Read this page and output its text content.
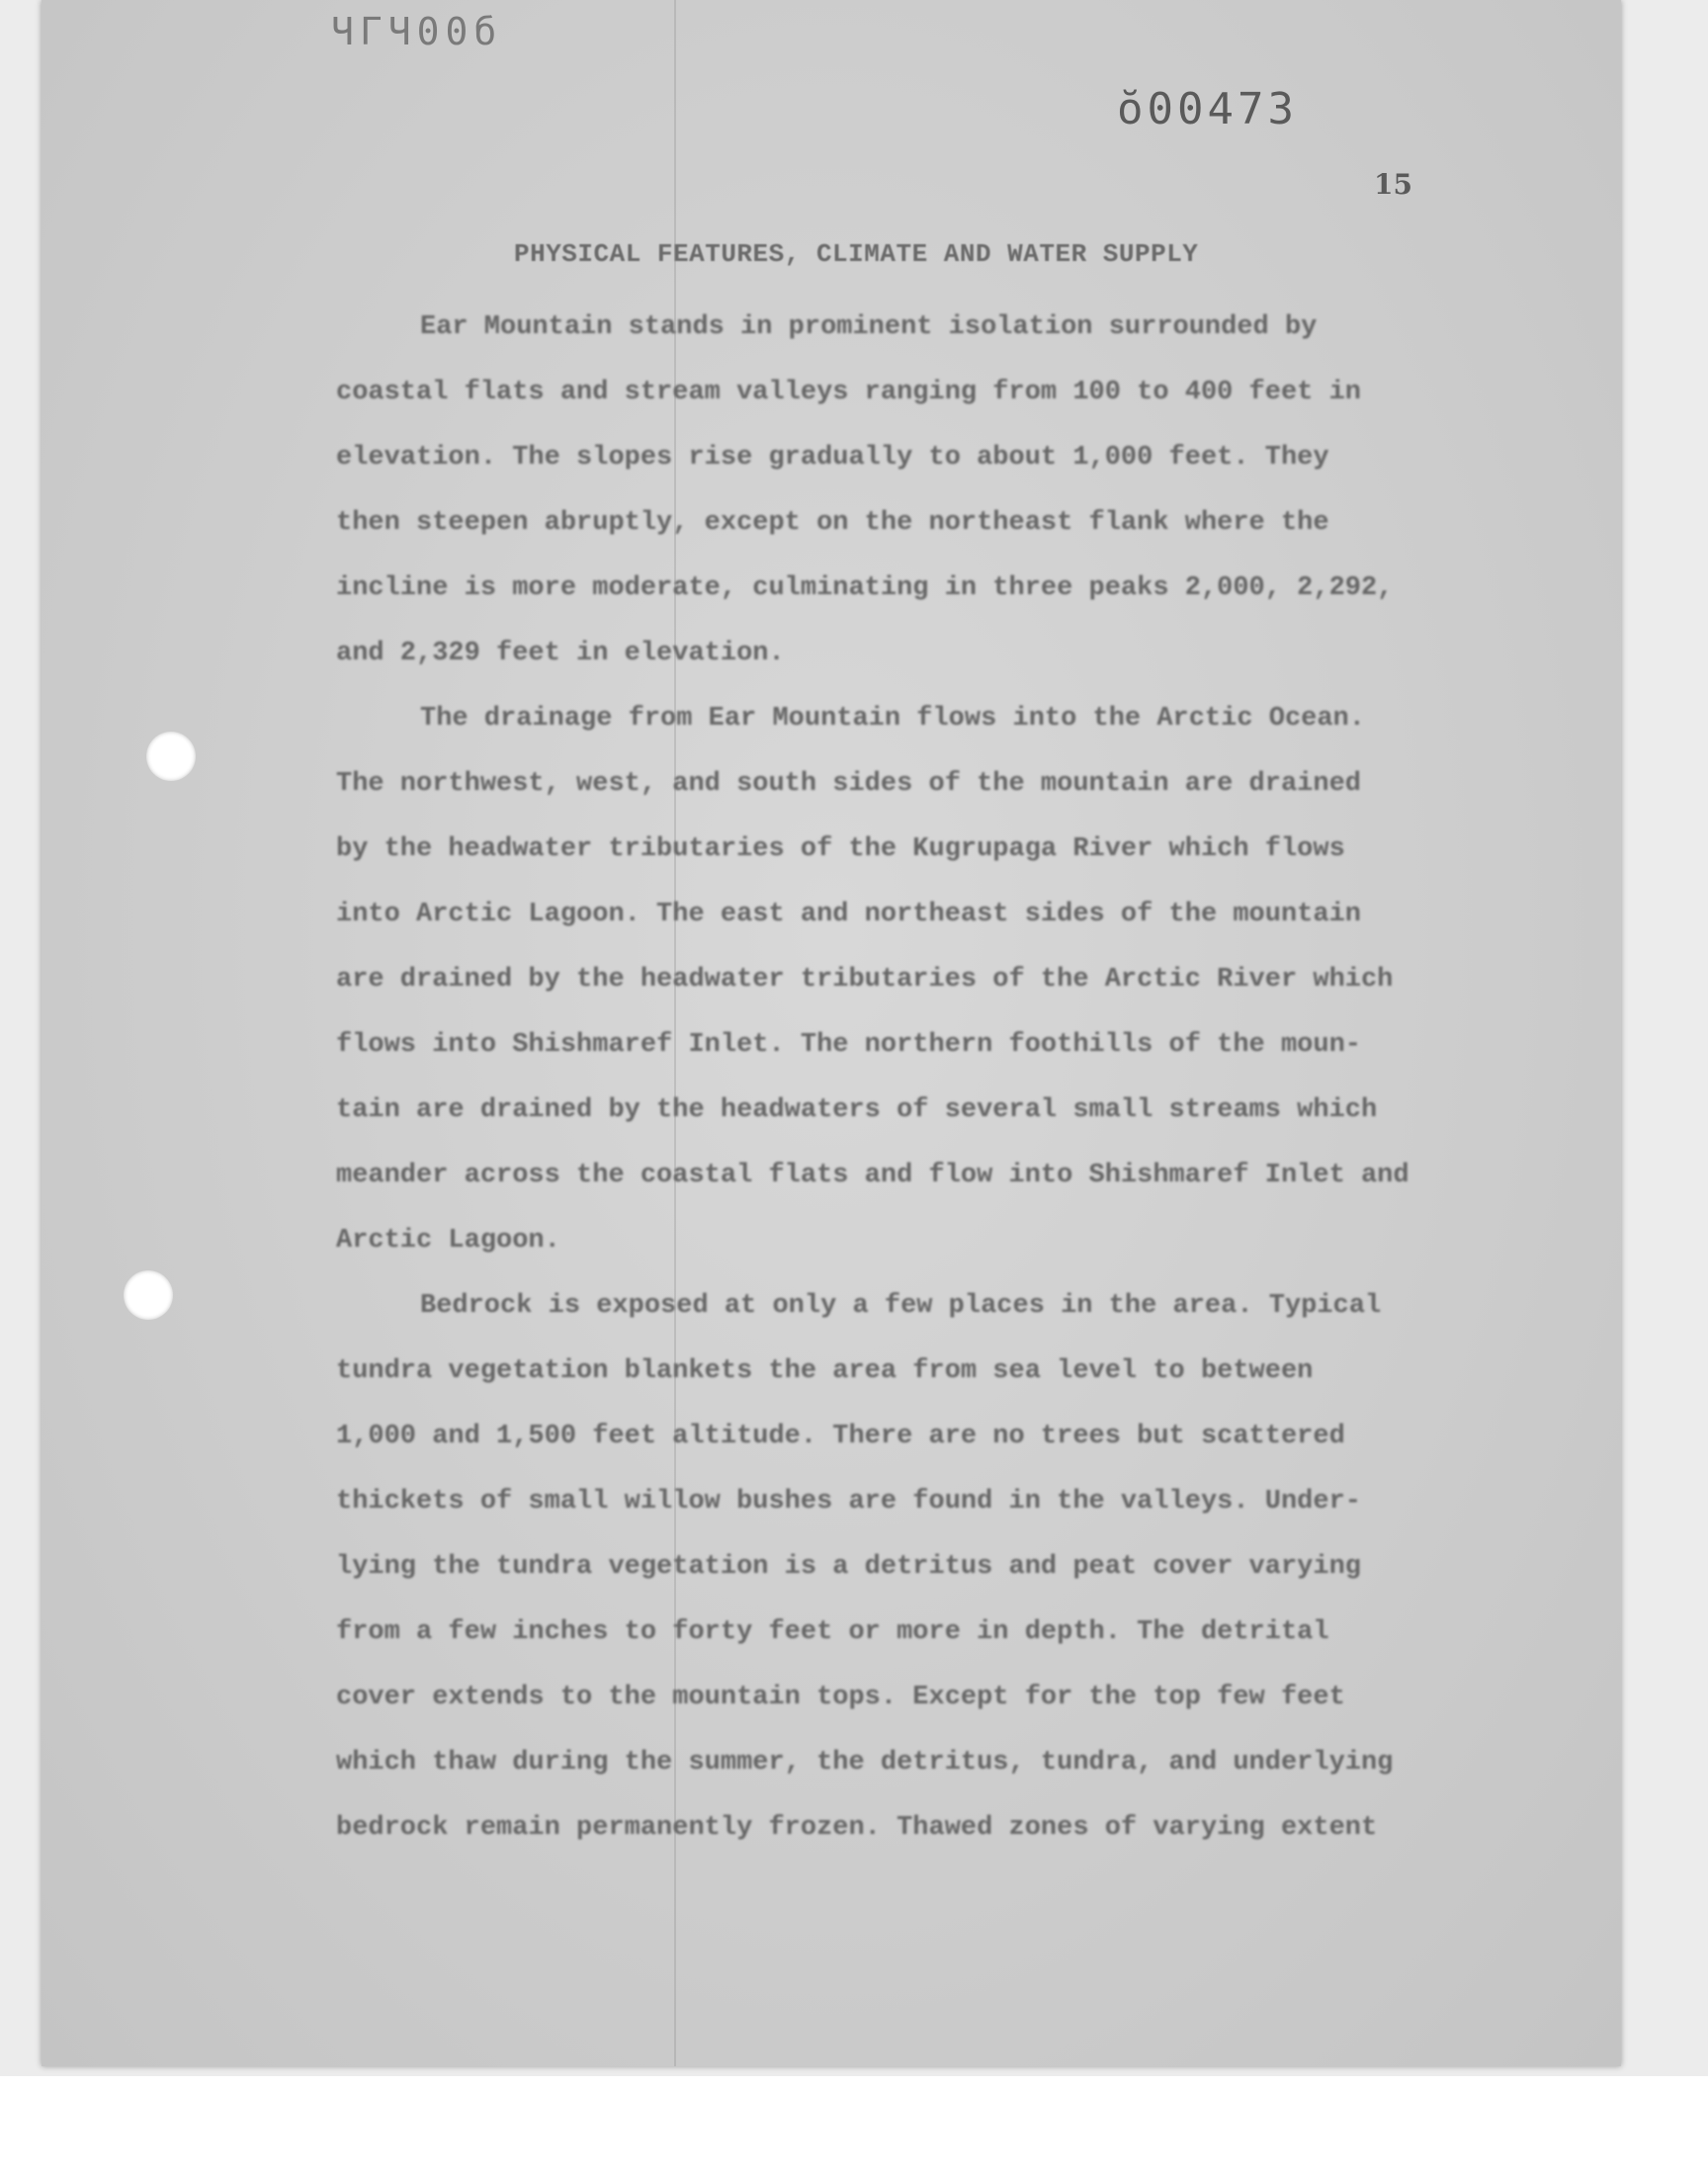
ЧГЧ00б
ŏ00473
15
PHYSICAL FEATURES, CLIMATE AND WATER SUPPLY
Ear Mountain stands in prominent isolation surrounded by
coastal flats and stream valleys ranging from 100 to 400 feet in
elevation. The slopes rise gradually to about 1,000 feet. They
then steepen abruptly, except on the northeast flank where the
incline is more moderate, culminating in three peaks 2,000, 2,292,
and 2,329 feet in elevation.
The drainage from Ear Mountain flows into the Arctic Ocean.
The northwest, west, and south sides of the mountain are drained
by the headwater tributaries of the Kugrupaga River which flows
into Arctic Lagoon. The east and northeast sides of the mountain
are drained by the headwater tributaries of the Arctic River which
flows into Shishmaref Inlet. The northern foothills of the moun-
tain are drained by the headwaters of several small streams which
meander across the coastal flats and flow into Shishmaref Inlet and
Arctic Lagoon.
Bedrock is exposed at only a few places in the area. Typical
tundra vegetation blankets the area from sea level to between
1,000 and 1,500 feet altitude. There are no trees but scattered
thickets of small willow bushes are found in the valleys. Under-
lying the tundra vegetation is a detritus and peat cover varying
from a few inches to forty feet or more in depth. The detrital
cover extends to the mountain tops. Except for the top few feet
which thaw during the summer, the detritus, tundra, and underlying
bedrock remain permanently frozen. Thawed zones of varying extent
